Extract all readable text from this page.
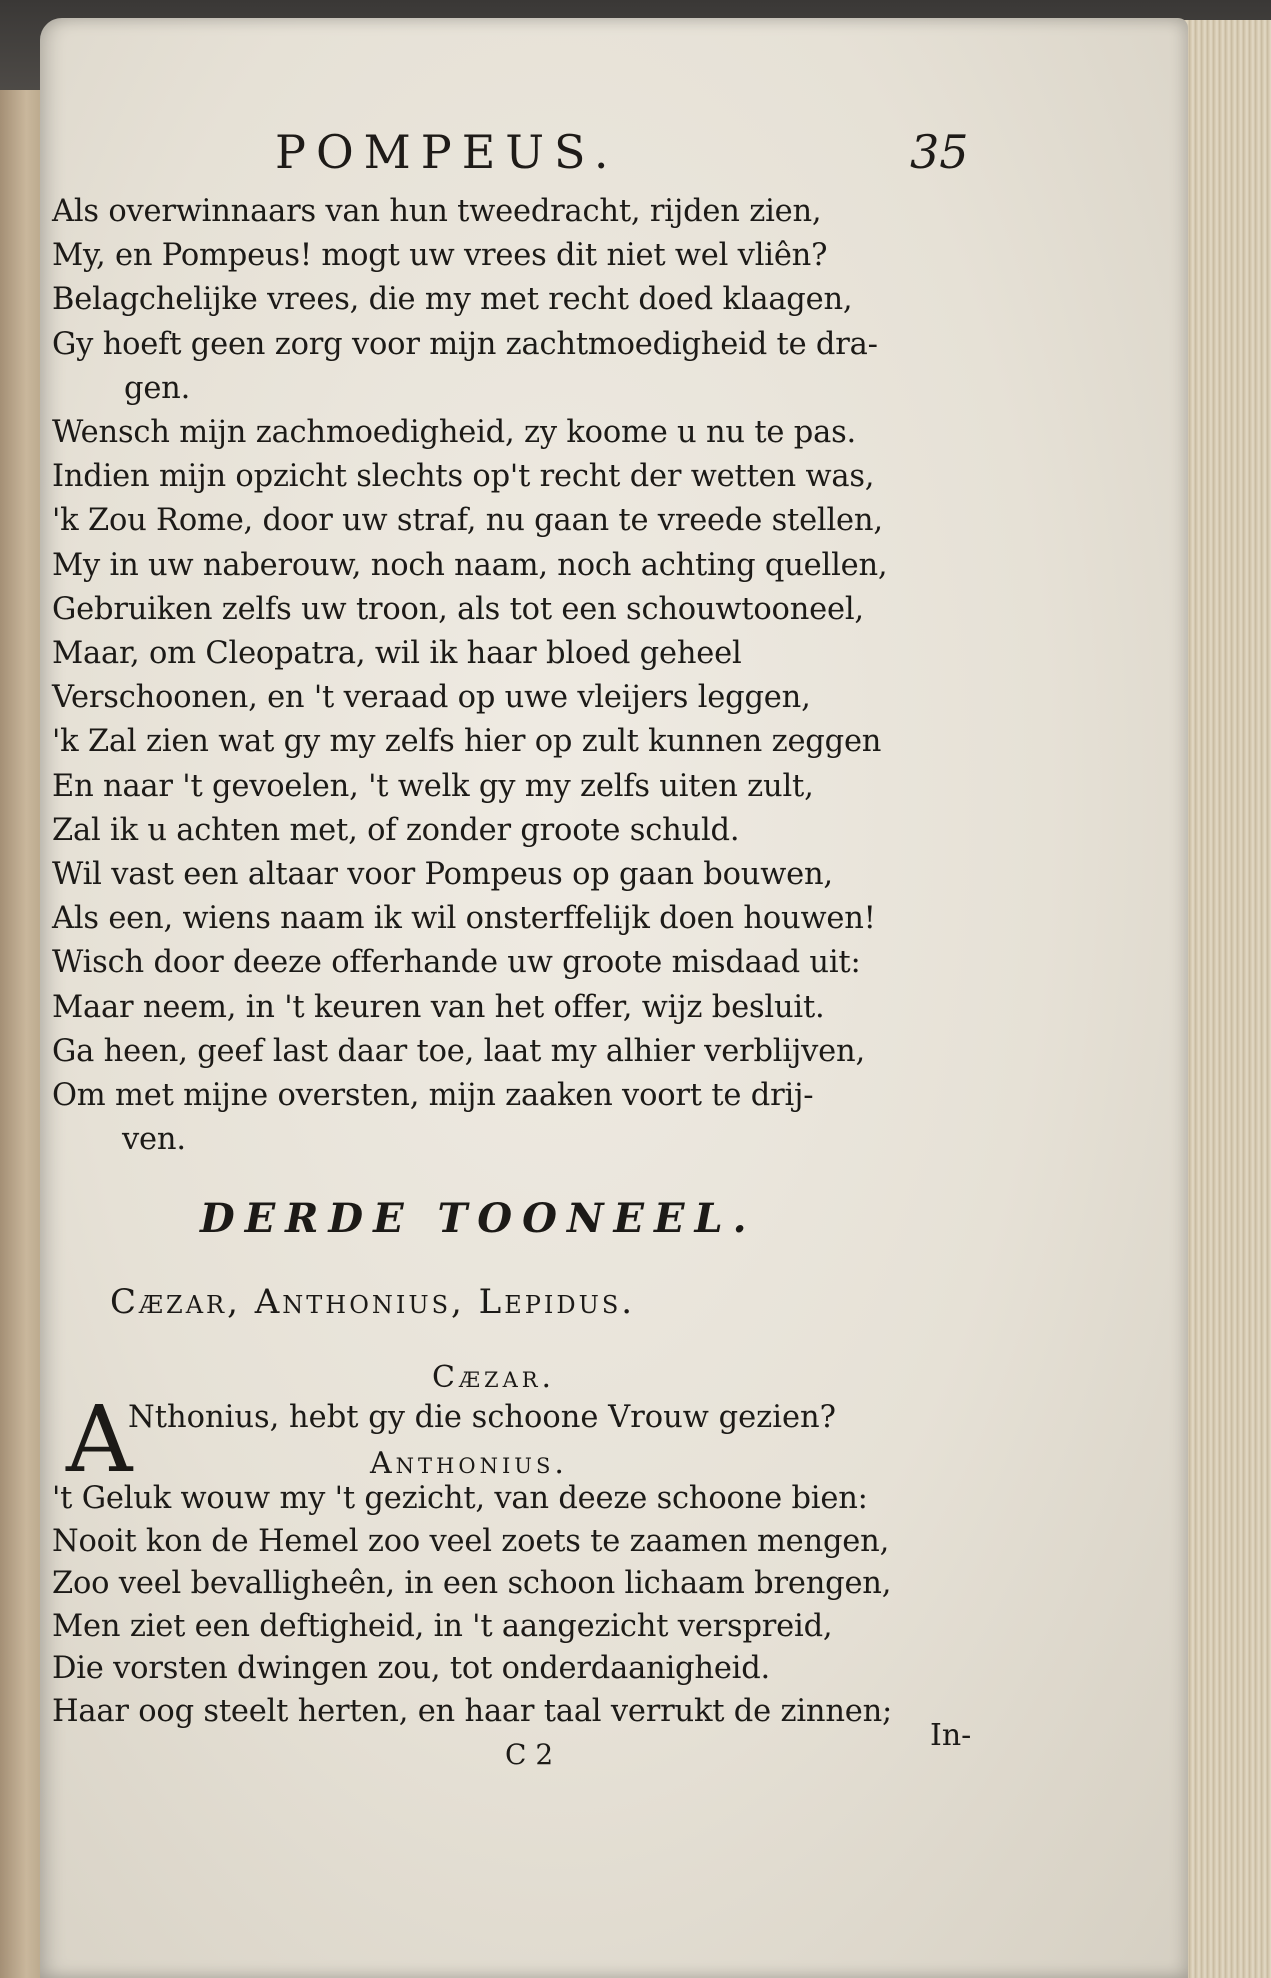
POMPEUS.	35
Als overwinnaars van hun tweedracht, rijden zien,
My, en Pompeus! mogt uw vrees dit niet wel vliên?
Belagchelijke vrees, die my met recht doed klaagen,
Gy hoeft geen zorg voor mijn zachtmoedigheid te dra-
gen.
Wensch mijn zachmoedigheid, zy koome u nu te pas.
Indien mijn opzicht slechts op't recht der wetten was,
'k Zou Rome, door uw straf, nu gaan te vreede stellen,
My in uw naberouw, noch naam, noch achting quellen,
Gebruiken zelfs uw troon, als tot een schouwtooneel,
Maar, om Cleopatra, wil ik haar bloed geheel
Verschoonen, en 't veraad op uwe vleijers leggen,
'k Zal zien wat gy my zelfs hier op zult kunnen zeggen
En naar 't gevoelen, 't welk gy my zelfs uiten zult,
Zal ik u achten met, of zonder groote schuld.
Wil vast een altaar voor Pompeus op gaan bouwen,
Als een, wiens naam ik wil onsterffelijk doen houwen!
Wisch door deeze offerhande uw groote misdaad uit:
Maar neem, in 't keuren van het offer, wijz besluit.
Ga heen, geef last daar toe, laat my alhier verblijven,
Om met mijne oversten, mijn zaaken voort te drij-
ven.
DERDE TOONEEL.
Cæzar, Anthonius, Lepidus.
Cæzar.
A
Nthonius, hebt gy die schoone Vrouw gezien?
Anthonius.
't Geluk wouw my 't gezicht, van deeze schoone bien:
Nooit kon de Hemel zoo veel zoets te zaamen mengen,
Zoo veel bevalligheên, in een schoon lichaam brengen,
Men ziet een deftigheid, in 't aangezicht verspreid,
Die vorsten dwingen zou, tot onderdaanigheid.
Haar oog steelt herten, en haar taal verrukt de zinnen;
In-
C 2
